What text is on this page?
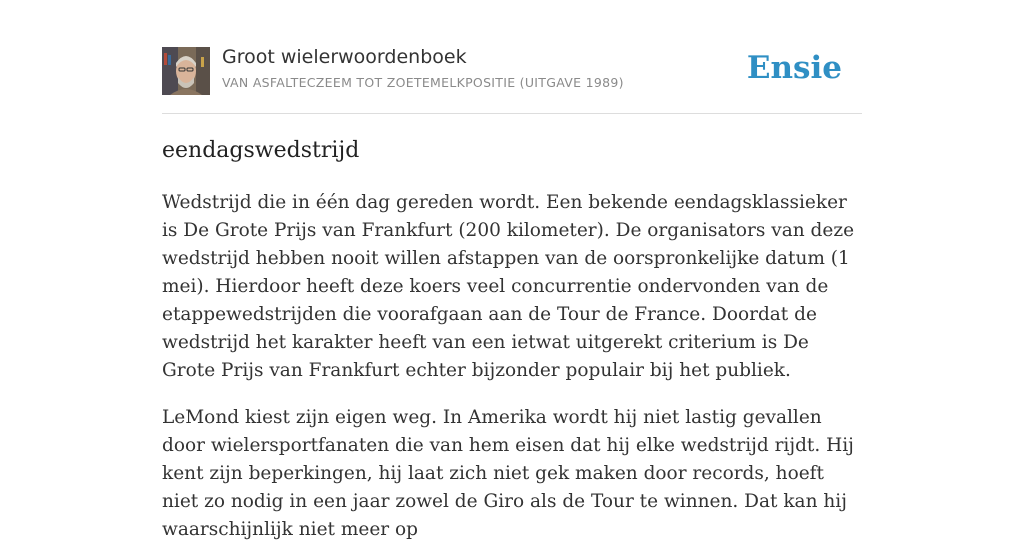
Groot wielerwoordenboek
VAN ASFALTECZEEM TOT ZOETEMELKPOSITIE (UITGAVE 1989)	Ensie
eendagswedstrijd

Wedstrijd die in één dag gereden wordt. Een bekende eendagsklassieker is De Grote Prijs van Frankfurt (200 kilometer). De organisators van deze wedstrijd hebben nooit willen afstappen van de oorspronkelijke datum (1 mei). Hierdoor heeft deze koers veel concurrentie ondervonden van de etappewedstrijden die voorafgaan aan de Tour de France. Doordat de wedstrijd het karakter heeft van een ietwat uitgerekt criterium is De Grote Prijs van Frankfurt echter bijzonder populair bij het publiek.

LeMond kiest zijn eigen weg. In Amerika wordt hij niet lastig gevallen door wielersportfanaten die van hem eisen dat hij elke wedstrijd rijdt. Hij kent zijn beperkingen, hij laat zich niet gek maken door records, hoeft niet zo nodig in een jaar zowel de Giro als de Tour te winnen. Dat kan hij waarschijnlijk niet meer op
